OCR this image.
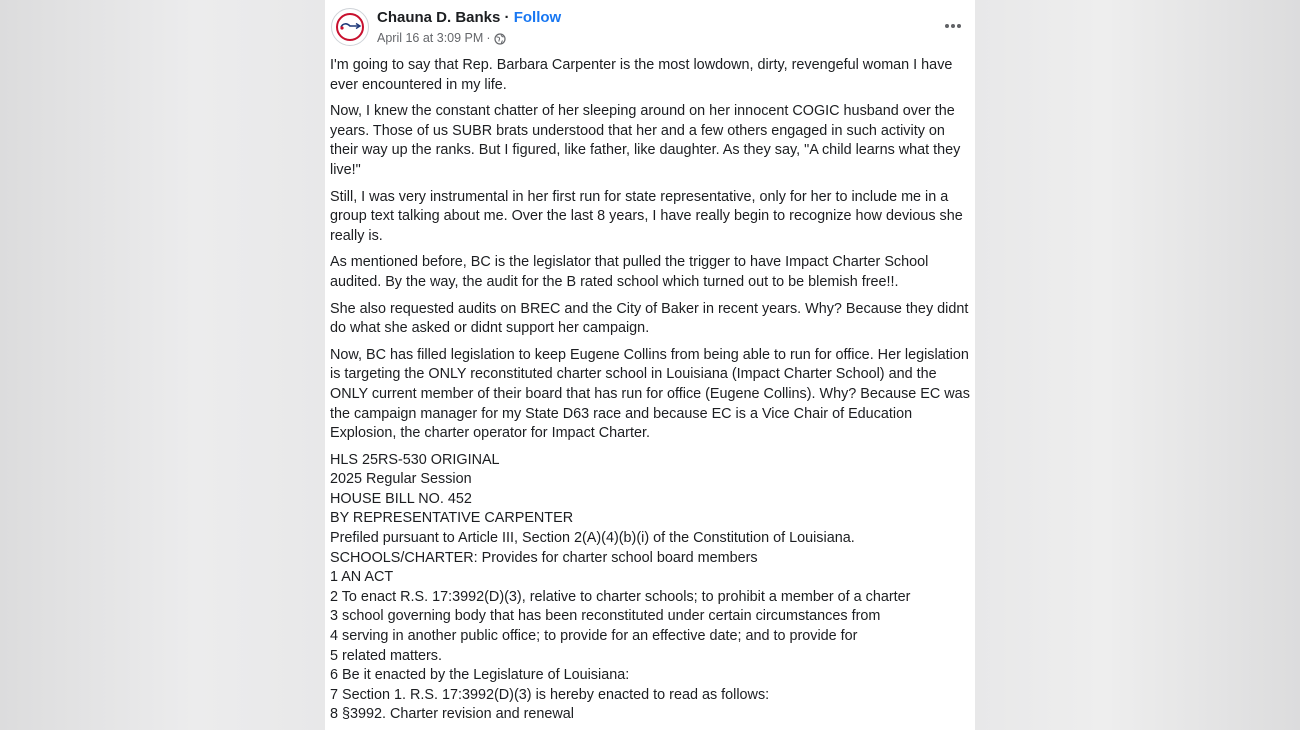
Chauna D. Banks · Follow
April 16 at 3:09 PM ·

I'm going to say that Rep. Barbara Carpenter is the most lowdown, dirty, revengeful woman I have ever encountered in my life.

Now, I knew the constant chatter of her sleeping around on her innocent COGIC husband over the years. Those of us SUBR brats understood that her and a few others engaged in such activity on their way up the ranks. But I figured, like father, like daughter. As they say, "A child learns what they live!"

Still, I was very instrumental in her first run for state representative, only for her to include me in a group text talking about me. Over the last 8 years, I have really begin to recognize how devious she really is.

As mentioned before, BC is the legislator that pulled the trigger to have Impact Charter School audited. By the way, the audit for the B rated school which turned out to be blemish free!!.

She also requested audits on BREC and the City of Baker in recent years. Why? Because they didnt do what she asked or didnt support her campaign.

Now, BC has filled legislation to keep Eugene Collins from being able to run for office. Her legislation is targeting the ONLY reconstituted charter school in Louisiana (Impact Charter School) and the ONLY current member of their board that has run for office (Eugene Collins). Why? Because EC was the campaign manager for my State D63 race and because EC is a Vice Chair of Education Explosion, the charter operator for Impact Charter.

HLS 25RS-530 ORIGINAL
2025 Regular Session
HOUSE BILL NO. 452
BY REPRESENTATIVE CARPENTER
Prefiled pursuant to Article III, Section 2(A)(4)(b)(i) of the Constitution of Louisiana.
SCHOOLS/CHARTER: Provides for charter school board members
1 AN ACT
2 To enact R.S. 17:3992(D)(3), relative to charter schools; to prohibit a member of a charter
3 school governing body that has been reconstituted under certain circumstances from
4 serving in another public office; to provide for an effective date; and to provide for
5 related matters.
6 Be it enacted by the Legislature of Louisiana:
7 Section 1. R.S. 17:3992(D)(3) is hereby enacted to read as follows:
8 §3992. Charter revision and renewal
